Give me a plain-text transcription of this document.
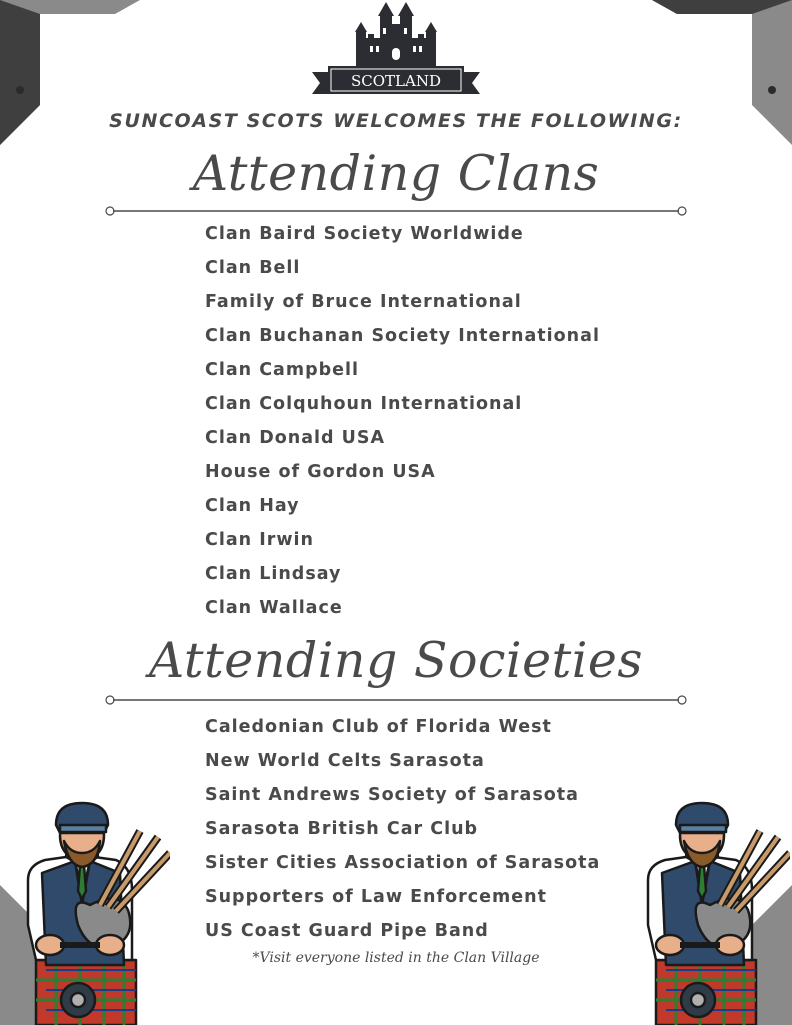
SCOTLAND
SUNCOAST SCOTS WELCOMES THE FOLLOWING:
Attending Clans
Clan Baird Society Worldwide
Clan Bell
Family of Bruce International
Clan Buchanan Society International
Clan Campbell
Clan Colquhoun International
Clan Donald USA
House of Gordon USA
Clan Hay
Clan Irwin
Clan Lindsay
Clan Wallace
Attending Societies
Caledonian Club of Florida West
New World Celts Sarasota
Saint Andrews Society of Sarasota
Sarasota British Car Club
Sister Cities Association of Sarasota
Supporters of Law Enforcement
US Coast Guard Pipe Band
*Visit everyone listed in the Clan Village
